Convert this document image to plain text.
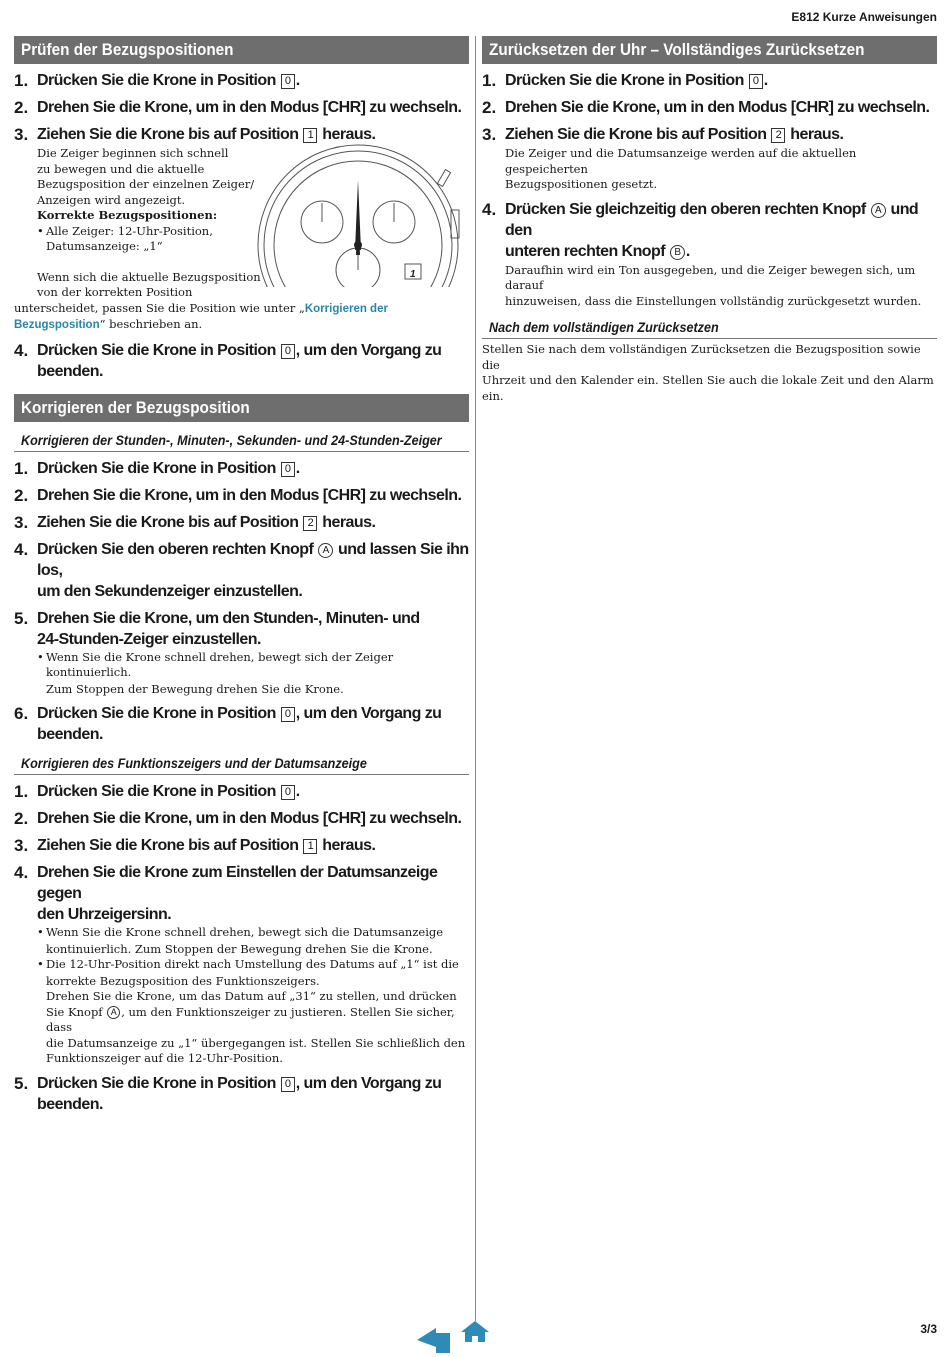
E812 Kurze Anweisungen
Prüfen der Bezugspositionen
1. Drücken Sie die Krone in Position 0 .
2. Drehen Sie die Krone, um in den Modus [CHR] zu wechseln.
3. Ziehen Sie die Krone bis auf Position 1 heraus.
Die Zeiger beginnen sich schnell
zu bewegen und die aktuelle
Bezugsposition der einzelnen Zeiger/
Anzeigen wird angezeigt.
Korrekte Bezugspositionen:
• Alle Zeiger: 12-Uhr-Position,
Datumsanzeige: „1“
Wenn sich die aktuelle Bezugsposition
von der korrekten Position
unterscheidet, passen Sie die Position wie unter „Korrigieren der
Bezugsposition“ beschrieben an.
4. Drücken Sie die Krone in Position 0 , um den Vorgang zu
beenden.
Korrigieren der Bezugsposition
Korrigieren der Stunden-, Minuten-, Sekunden- und 24-Stunden-Zeiger
1. Drücken Sie die Krone in Position 0 .
2. Drehen Sie die Krone, um in den Modus [CHR] zu wechseln.
3. Ziehen Sie die Krone bis auf Position 2 heraus.
4. Drücken Sie den oberen rechten Knopf A und lassen Sie ihn los,
um den Sekundenzeiger einzustellen.
5. Drehen Sie die Krone, um den Stunden-, Minuten- und
24-Stunden-Zeiger einzustellen.
• Wenn Sie die Krone schnell drehen, bewegt sich der Zeiger kontinuierlich.
Zum Stoppen der Bewegung drehen Sie die Krone.
6. Drücken Sie die Krone in Position 0 , um den Vorgang zu
beenden.
Korrigieren des Funktionszeigers und der Datumsanzeige
1. Drücken Sie die Krone in Position 0 .
2. Drehen Sie die Krone, um in den Modus [CHR] zu wechseln.
3. Ziehen Sie die Krone bis auf Position 1 heraus.
4. Drehen Sie die Krone zum Einstellen der Datumsanzeige gegen
den Uhrzeigersinn.
• Wenn Sie die Krone schnell drehen, bewegt sich die Datumsanzeige
kontinuierlich. Zum Stoppen der Bewegung drehen Sie die Krone.
• Die 12-Uhr-Position direkt nach Umstellung des Datums auf „1“ ist die
korrekte Bezugsposition des Funktionszeigers.
Drehen Sie die Krone, um das Datum auf „31“ zu stellen, und drücken
Sie Knopf A , um den Funktionszeiger zu justieren. Stellen Sie sicher, dass
die Datumsanzeige zu „1“ übergegangen ist. Stellen Sie schließlich den
Funktionszeiger auf die 12-Uhr-Position.
5. Drücken Sie die Krone in Position 0 , um den Vorgang zu
beenden.
1
Zurücksetzen der Uhr – Vollständiges Zurücksetzen
1. Drücken Sie die Krone in Position 0 .
2. Drehen Sie die Krone, um in den Modus [CHR] zu wechseln.
3. Ziehen Sie die Krone bis auf Position 2 heraus.
Die Zeiger und die Datumsanzeige werden auf die aktuellen gespeicherten
Bezugspositionen gesetzt.
4. Drücken Sie gleichzeitig den oberen rechten Knopf A und den
unteren rechten Knopf B .
Daraufhin wird ein Ton ausgegeben, und die Zeiger bewegen sich, um darauf
hinzuweisen, dass die Einstellungen vollständig zurückgesetzt wurden.
Nach dem vollständigen Zurücksetzen
Stellen Sie nach dem vollständigen Zurücksetzen die Bezugsposition sowie die
Uhrzeit und den Kalender ein. Stellen Sie auch die lokale Zeit und den Alarm ein.
3/3
